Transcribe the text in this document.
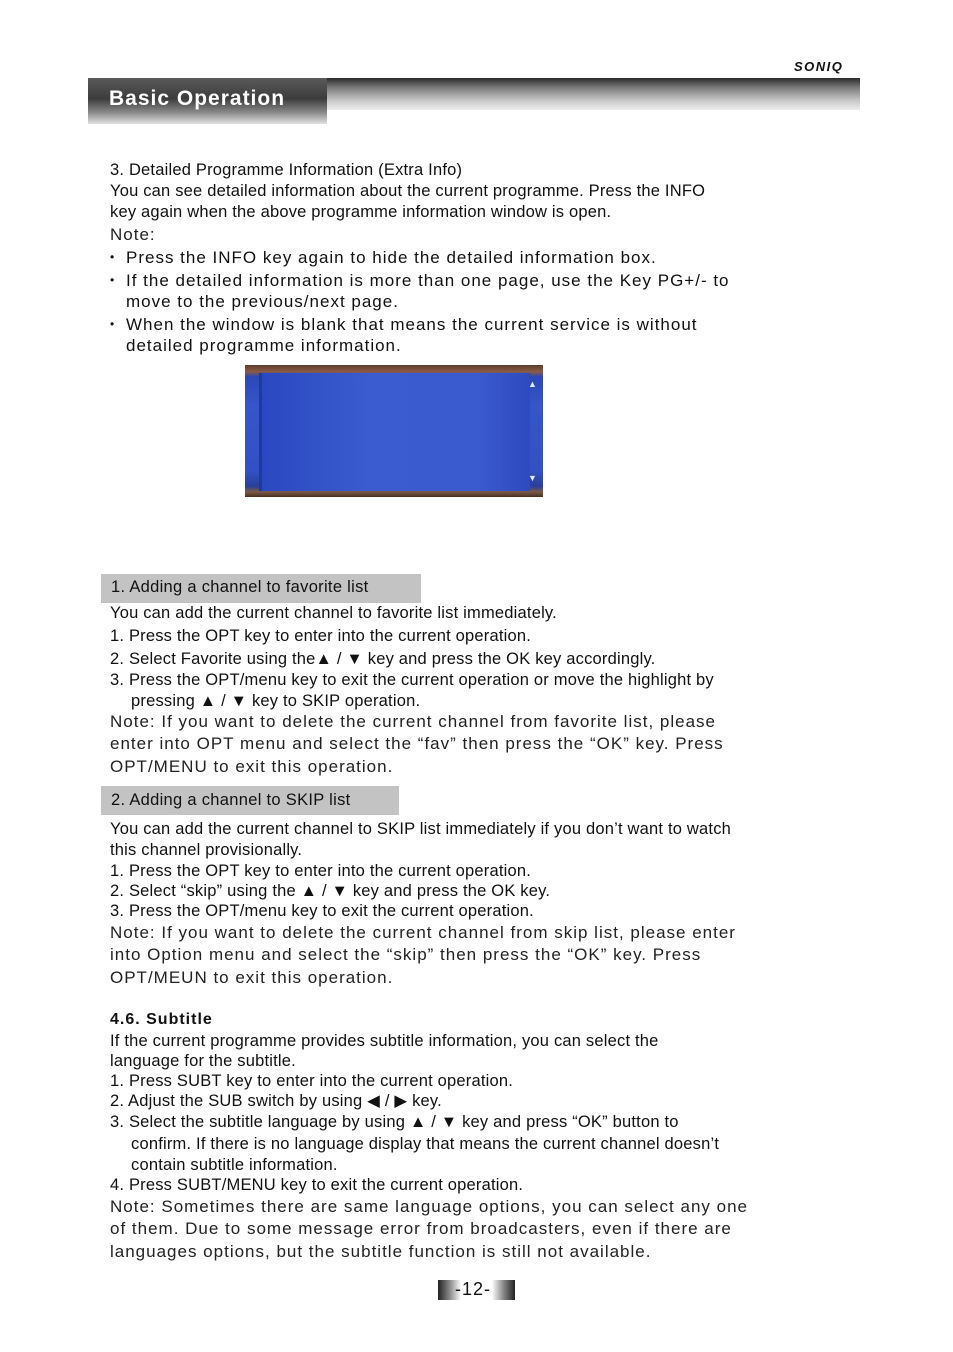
SONIQ
Basic Operation
3. Detailed Programme Information (Extra Info)
You can see detailed information about the current programme. Press the INFO
key again when the above programme information window is open.
Note:
• Press the INFO key again to hide the detailed information box.
• If the detailed information is more than one page, use the Key PG+/- to
move to the previous/next page.
• When the window is blank that means the current service is without
detailed programme information.
▲
▼
1. Adding a channel to favorite list
You can add the current channel to favorite list immediately.
1. Press the OPT key to enter into the current operation.
2. Select Favorite using the▲ / ▼ key and press the OK key accordingly.
3. Press the OPT/menu key to exit the current operation or move the highlight by
pressing ▲ / ▼ key to SKIP operation.
Note: If you want to delete the current channel from favorite list, please
enter into OPT menu and select the “fav” then press the “OK” key. Press
OPT/MENU to exit this operation.
2. Adding a channel to SKIP list
You can add the current channel to SKIP list immediately if you don’t want to watch
this channel provisionally.
1. Press the OPT key to enter into the current operation.
2. Select “skip” using the ▲ / ▼ key and press the OK key.
3. Press the OPT/menu key to exit the current operation.
Note: If you want to delete the current channel from skip list, please enter
into Option menu and select the “skip” then press the “OK” key. Press
OPT/MEUN to exit this operation.
4.6. Subtitle
If the current programme provides subtitle information, you can select the
language for the subtitle.
1. Press SUBT key to enter into the current operation.
2. Adjust the SUB switch by using ◀ / ▶ key.
3. Select the subtitle language by using ▲ / ▼ key and press “OK” button to
confirm. If there is no language display that means the current channel doesn’t
contain subtitle information.
4. Press SUBT/MENU key to exit the current operation.
Note: Sometimes there are same language options, you can select any one
of them. Due to some message error from broadcasters, even if there are
languages options, but the subtitle function is still not available.
-12-
